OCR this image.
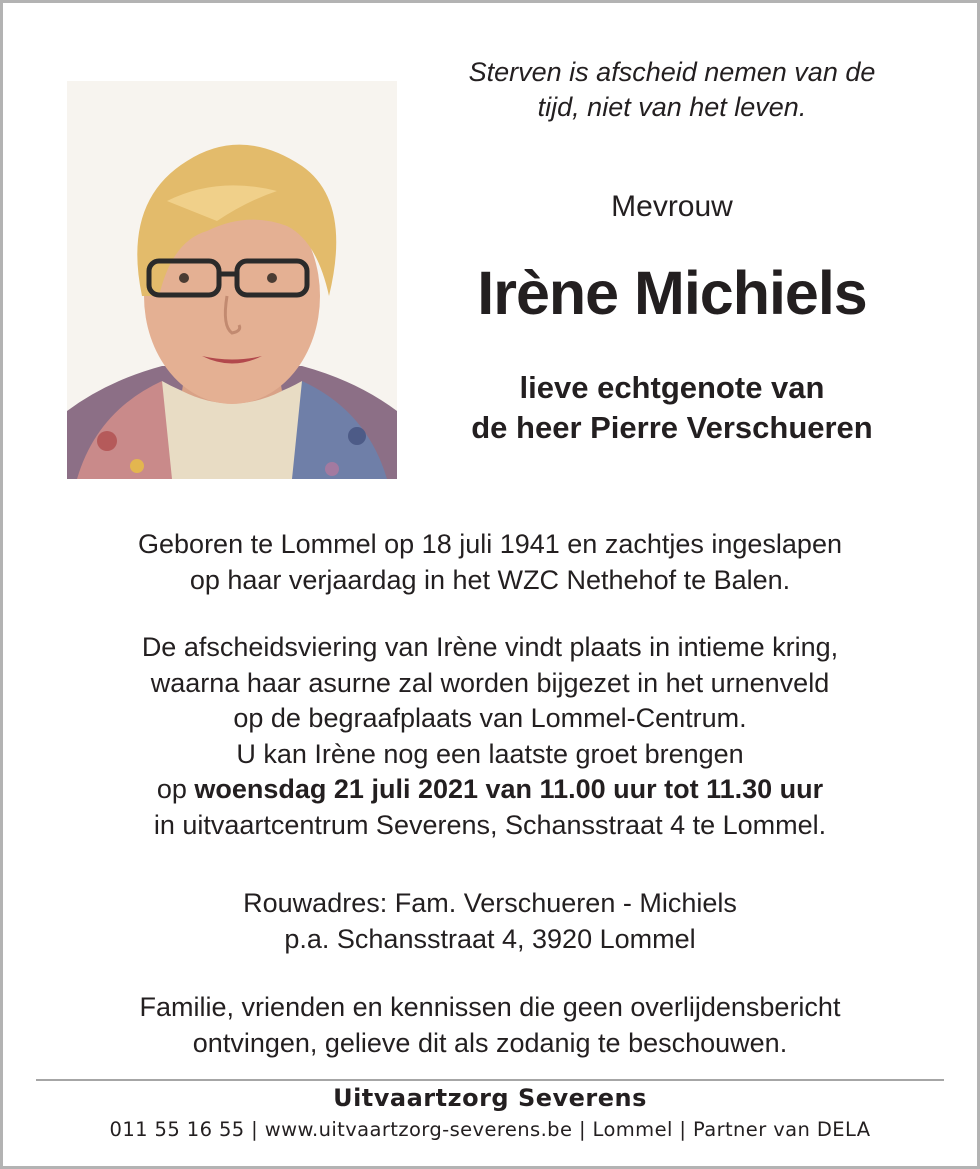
Sterven is afscheid nemen van de
tijd, niet van het leven.
Mevrouw
Irène Michiels
lieve echtgenote van
de heer Pierre Verschueren
Geboren te Lommel op 18 juli 1941 en zachtjes ingeslapen
op haar verjaardag in het WZC Nethehof te Balen.
De afscheidsviering van Irène vindt plaats in intieme kring,
waarna haar asurne zal worden bijgezet in het urnenveld
op de begraafplaats van Lommel-Centrum.
U kan Irène nog een laatste groet brengen
op woensdag 21 juli 2021 van 11.00 uur tot 11.30 uur
in uitvaartcentrum Severens, Schansstraat 4 te Lommel.
Rouwadres: Fam. Verschueren - Michiels
p.a. Schansstraat 4, 3920 Lommel
Familie, vrienden en kennissen die geen overlijdensbericht
ontvingen, gelieve dit als zodanig te beschouwen.
Uitvaartzorg Severens
011 55 16 55 | www.uitvaartzorg-severens.be | Lommel | Partner van DELA
